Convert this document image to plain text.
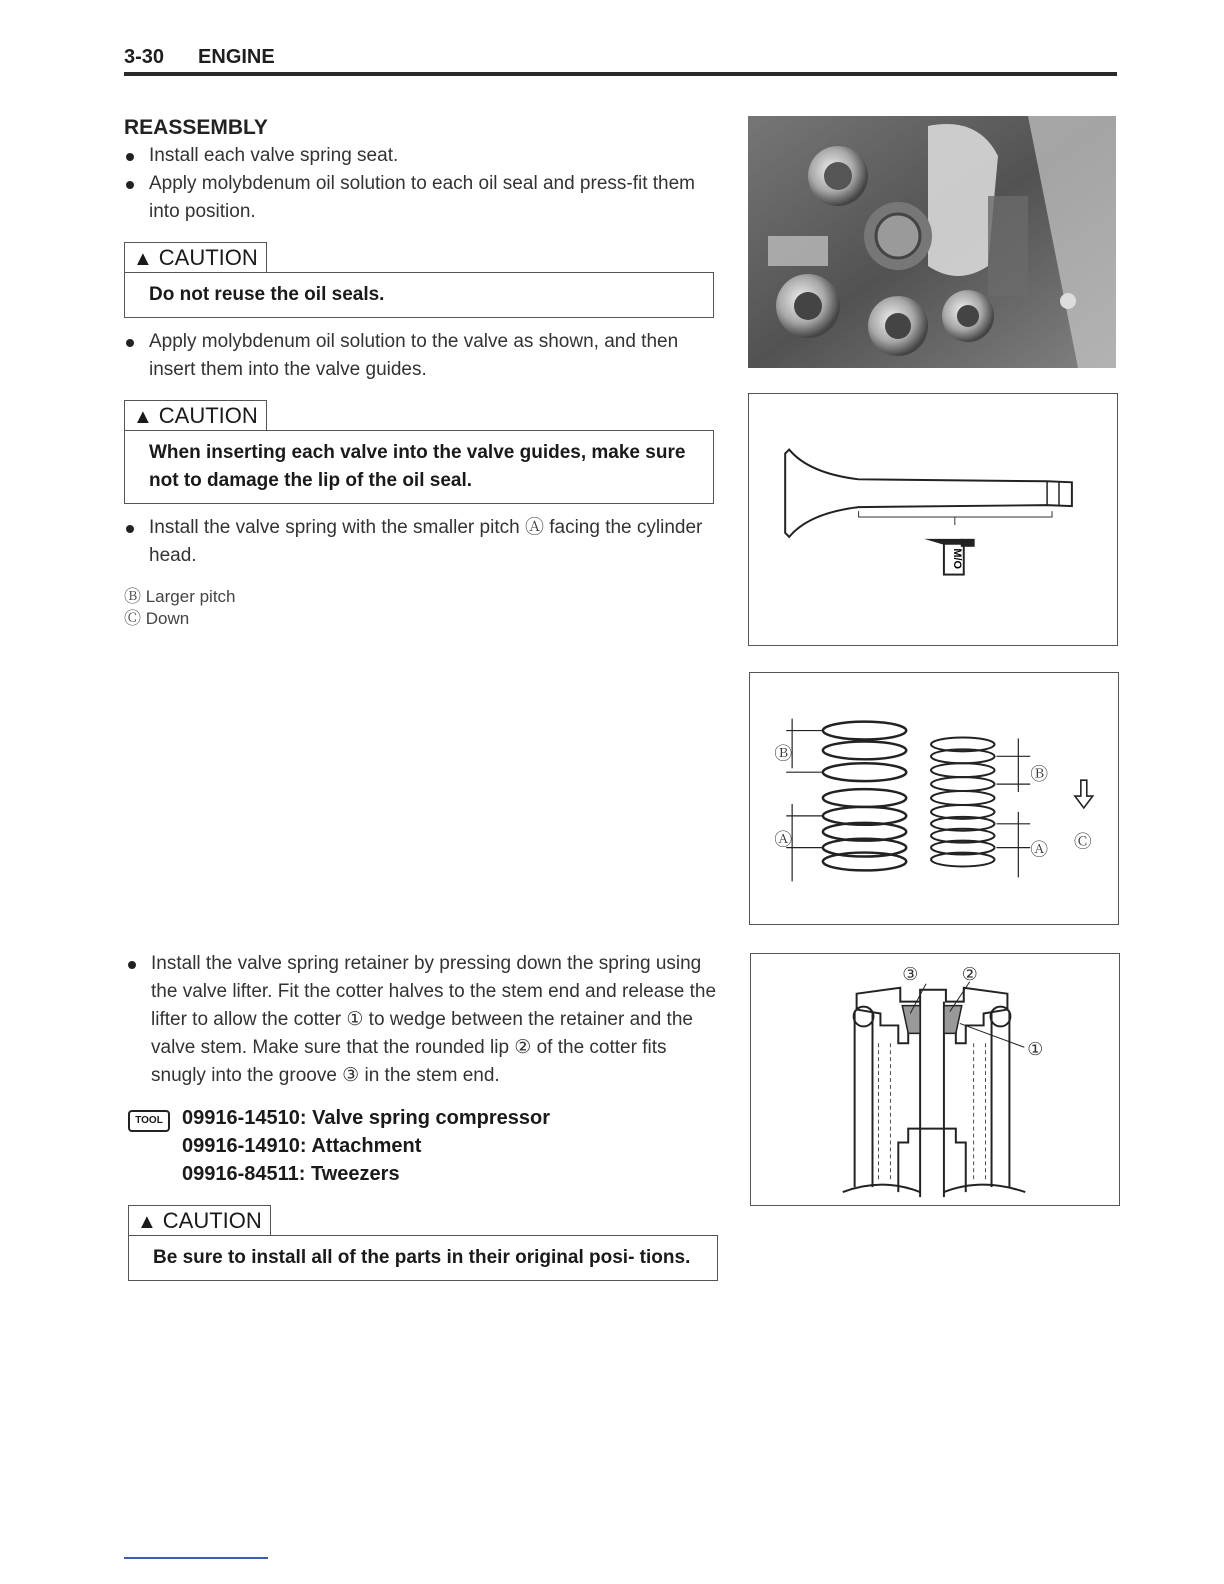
3-30 ENGINE
REASSEMBLY
Install each valve spring seat.
Apply molybdenum oil solution to each oil seal and press-fit them into position.
▲ CAUTION
Do not reuse the oil seals.
Apply molybdenum oil solution to the valve as shown, and then insert them into the valve guides.
▲ CAUTION
When inserting each valve into the valve guides, make sure not to damage the lip of the oil seal.
Install the valve spring with the smaller pitch Ⓐ facing the cylinder head.
Ⓑ Larger pitch
Ⓒ Down
Install the valve spring retainer by pressing down the spring using the valve lifter. Fit the cotter halves to the stem end and release the lifter to allow the cotter ① to wedge between the retainer and the valve stem. Make sure that the rounded lip ② of the cotter fits snugly into the groove ③ in the stem end.
TOOL 09916-14510: Valve spring compressor
09916-14910: Attachment
09916-84511: Tweezers
▲ CAUTION
Be sure to install all of the parts in their original posi- tions.
M/O
Ⓑ
Ⓐ
Ⓑ
Ⓐ Ⓒ
③ ②
①
